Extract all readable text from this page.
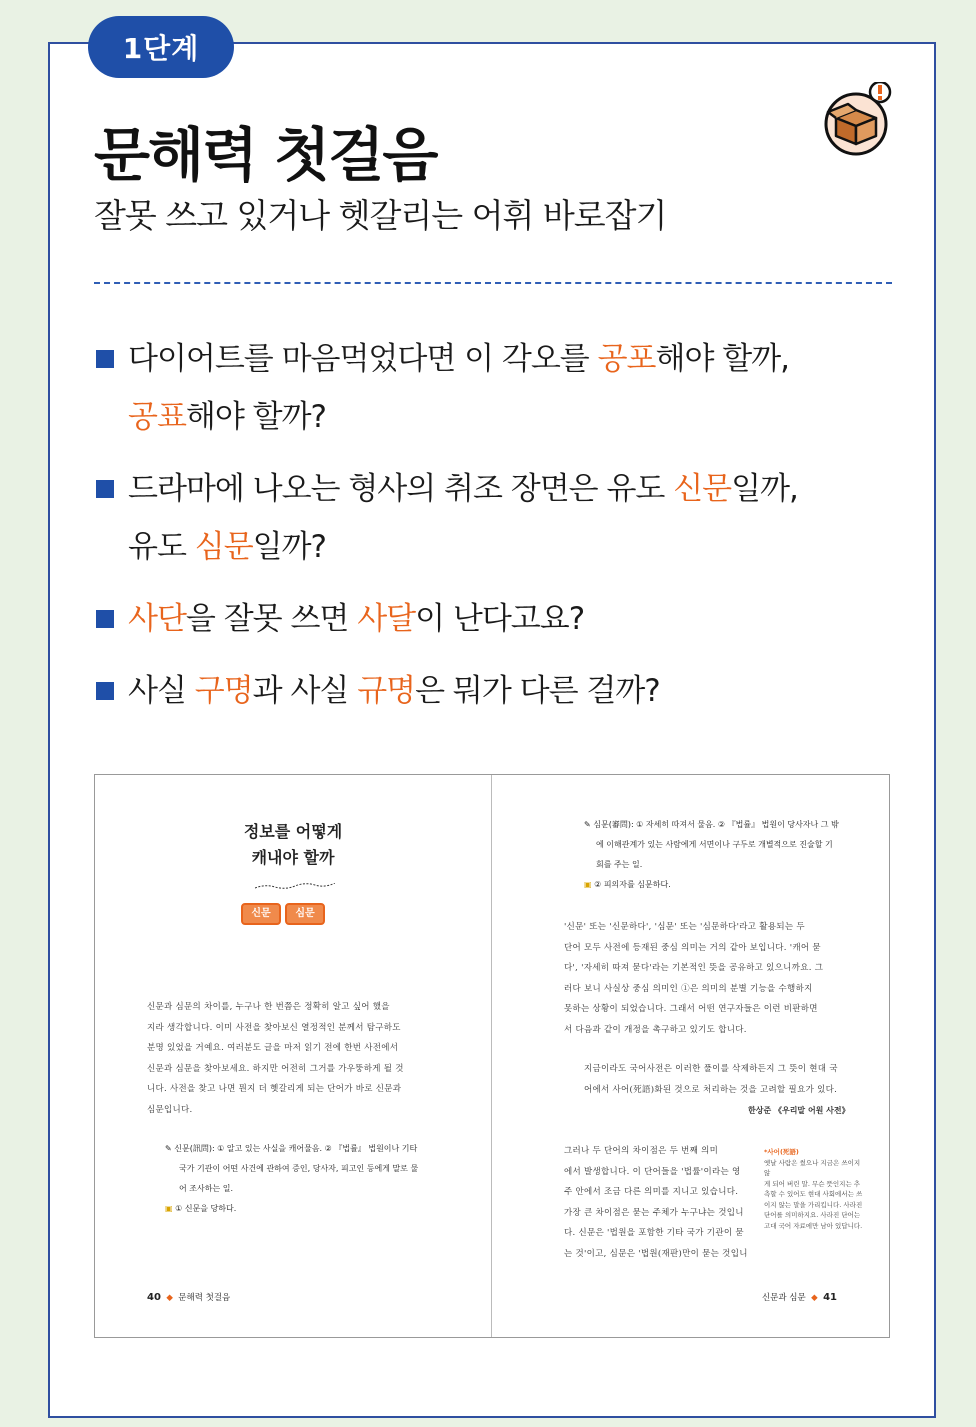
1단계
문해력 첫걸음
잘못 쓰고 있거나 헷갈리는 어휘 바로잡기
다이어트를 마음먹었다면 이 각오를 공포해야 할까,
공표해야 할까?
드라마에 나오는 형사의 취조 장면은 유도 신문일까,
유도 심문일까?
사단을 잘못 쓰면 사달이 난다고요?
사실 구명과 사실 규명은 뭐가 다른 걸까?
정보를 어떻게
캐내야 할까
신문	심문
신문과 심문의 차이를, 누구나 한 번쯤은 정확히 알고 싶어 했을
지라 생각합니다. 이미 사전을 찾아보신 열정적인 분께서 탐구하도
분명 있었을 거예요. 여러분도 글을 마저 읽기 전에 한번 사전에서
신문과 심문을 찾아보세요. 하지만 어전히 그거를 가우뚱하게 될 것
니다. 사전을 찾고 나면 뭔지 더 헷갈리게 되는 단어가 바로 신문과
심문입니다.
✎ 신문(訊問): ① 알고 있는 사실을 캐어물음. ② 『법률』 법원이나 기타
국가 기관이 어떤 사건에 관하여 증인, 당사자, 피고인 등에게 말로 물
어 조사하는 일.
▣ ① 신문을 당하다.
40 ◆ 문해력 첫걸음
✎ 심문(審問): ① 자세히 따져서 물음. ② 『법률』 법원이 당사자나 그 밖
에 이해관계가 있는 사람에게 서면이나 구두로 개별적으로 진술할 기
회를 주는 일.
▣ ② 피의자를 심문하다.
'신문' 또는 '신문하다', '심문' 또는 '심문하다'라고 활용되는 두
단어 모두 사전에 등재된 중심 의미는 거의 같아 보입니다. '캐어 묻
다', '자세히 따져 묻다'라는 기본적인 뜻을 공유하고 있으니까요. 그
러다 보니 사실상 중심 의미인 ①은 의미의 분별 기능을 수행하지
못하는 상황이 되었습니다. 그래서 어떤 연구자들은 이런 비판하면
서 다음과 같이 개정을 촉구하고 있기도 합니다.
지금이라도 국어사전은 이러한 풀이를 삭제하든지 그 뜻이 현대 국
어에서 사어(死語)화된 것으로 처리하는 것을 고려할 필요가 있다.
한상준 《우리말 어원 사전》
그러나 두 단어의 차이점은 두 번째 의미
에서 발생합니다. 이 단어들을 '법률'이라는 영
주 안에서 조금 다른 의미를 지니고 있습니다.
가장 큰 차이점은 묻는 주체가 누구냐는 것입니
다. 신문은 '법원을 포함한 기타 국가 기관이 묻
는 것'이고, 심문은 '법원(재판)만이 묻는 것입니
*사어(死語)
옛날 사람은 썼으나 지금은 쓰이지 않
게 되어 버린 말. 무슨 뜻인지는 추
측할 수 있어도 현대 사회에서는 쓰
이지 않는 말을 가리킵니다. 사라진
단어를 의미하지요. 사라진 단어는
고대 국어 자료에만 남아 있답니다.
신문과 심문 ◆ 41
